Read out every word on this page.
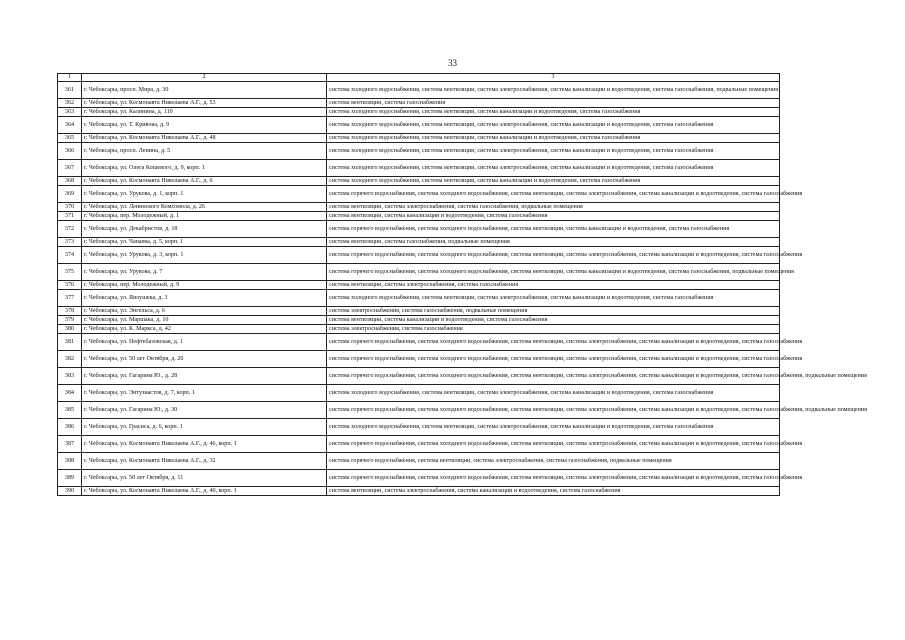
33
1	2	3
361	г. Чебоксары, просп. Мира, д. 30	система холодного водоснабжения, система вентиляции, система электроснабжения, система канализации и водоотведения, система газоснабжения, подвальные помещения
362	г. Чебоксары, ул. Космонавта Николаева А.Г., д. 53	система вентиляции, система газоснабжения
363	г. Чебоксары, ул. Калинина, д. 110	система холодного водоснабжения, система вентиляции, система канализации и водоотведения, система газоснабжения
364	г. Чебоксары, ул. Т. Кривова, д. 9	система холодного водоснабжения, система вентиляции, система электроснабжения, система канализации и водоотведения, система газоснабжения
365	г. Чебоксары, ул. Космонавта Николаева А.Г., д. 48	система холодного водоснабжения, система вентиляции, система канализации и водоотведения, система газоснабжения
366	г. Чебоксары, просп. Ленина, д. 5	система холодного водоснабжения, система вентиляции, система электроснабжения, система канализации и водоотведения, система газоснабжения
367	г. Чебоксары, ул. Олега Кошевого, д. 9, корп. 1	система холодного водоснабжения, система вентиляции, система электроснабжения, система канализации и водоотведения, система газоснабжения
368	г. Чебоксары, ул. Космонавта Николаева А.Г., д. 6	система холодного водоснабжения, система вентиляции, система канализации и водоотведения, система газоснабжения
369	г. Чебоксары, ул. Урукова, д. 1, корп. 1	система горячего водоснабжения, система холодного водоснабжения, система вентиляции, система электроснабжения, система канализации и водоотведения, система газоснабжения
370	г. Чебоксары, ул. Ленинского Комсомола, д. 26	система вентиляции, система электроснабжения, система газоснабжения, подвальные помещения
371	г. Чебоксары, пер. Молодежный, д. 1	система вентиляции, система канализации и водоотведения, система газоснабжения
372	г. Чебоксары, ул. Декабристов, д. 18	система горячего водоснабжения, система холодного водоснабжения, система вентиляции, система канализации и водоотведения, система газоснабжения
373	г. Чебоксары, ул. Чапаева, д. 5, корп. 1	система вентиляции, система газоснабжения, подвальные помещения
374	г. Чебоксары, ул. Урукова, д. 3, корп. 1	система горячего водоснабжения, система холодного водоснабжения, система вентиляции, система электроснабжения, система канализации и водоотведения, система газоснабжения
375	г. Чебоксары, ул. Урукова, д. 7	система горячего водоснабжения, система холодного водоснабжения, система вентиляции, система канализации и водоотведения, система газоснабжения, подвальные помещения
376	г. Чебоксары, пер. Молодежный, д. 9	система вентиляции, система электроснабжения, система газоснабжения
377	г. Чебоксары, ул. Яноушека, д. 3	система холодного водоснабжения, система вентиляции, система электроснабжения, система канализации и водоотведения, система газоснабжения
378	г. Чебоксары, ул. Энгельса, д. 6	система электроснабжения, система газоснабжения, подвальные помещения
379	г. Чебоксары, ул. Маршака, д. 10	система вентиляции, система канализации и водоотведения, система газоснабжения
380	г. Чебоксары, ул. К. Маркса, д. 42	система электроснабжения, система газоснабжения
381	г. Чебоксары, ул. Нефтебазовская, д. 1	система горячего водоснабжения, система холодного водоснабжения, система вентиляции, система электроснабжения, система канализации и водоотведения, система газоснабжения
382	г. Чебоксары, ул. 50 лет Октября, д. 20	система горячего водоснабжения, система холодного водоснабжения, система вентиляции, система электроснабжения, система канализации и водоотведения, система газоснабжения
383	г. Чебоксары, ул. Гагарина Ю., д. 28	система горячего водоснабжения, система холодного водоснабжения, система вентиляции, система электроснабжения, система канализации и водоотведения, система газоснабжения, подвальные помещения
384	г. Чебоксары, ул. Энтузиастов, д. 7, корп. 1	система холодного водоснабжения, система вентиляции, система электроснабжения, система канализации и водоотведения, система газоснабжения
385	г. Чебоксары, ул. Гагарина Ю., д. 30	система горячего водоснабжения, система холодного водоснабжения, система вентиляции, система электроснабжения, система канализации и водоотведения, система газоснабжения, подвальные помещения
386	г. Чебоксары, ул. Грасиса, д. 6, корп. 1	система холодного водоснабжения, система вентиляции, система электроснабжения, система канализации и водоотведения, система газоснабжения
387	г. Чебоксары, ул. Космонавта Николаева А.Г., д. 46, корп. 1	система горячего водоснабжения, система холодного водоснабжения, система вентиляции, система электроснабжения, система канализации и водоотведения, система газоснабжения
388	г. Чебоксары, ул. Космонавта Николаева А.Г., д. 32	система горячего водоснабжения, система вентиляции, система электроснабжения, система газоснабжения, подвальные помещения
389	г. Чебоксары, ул. 50 лет Октября, д. 11	система горячего водоснабжения, система холодного водоснабжения, система вентиляции, система электроснабжения, система канализации и водоотведения, система газоснабжения
390	г. Чебоксары, ул. Космонавта Николаева А.Г., д. 40, корп. 1	система вентиляции, система электроснабжения, система канализации и водоотведения, система газоснабжения
